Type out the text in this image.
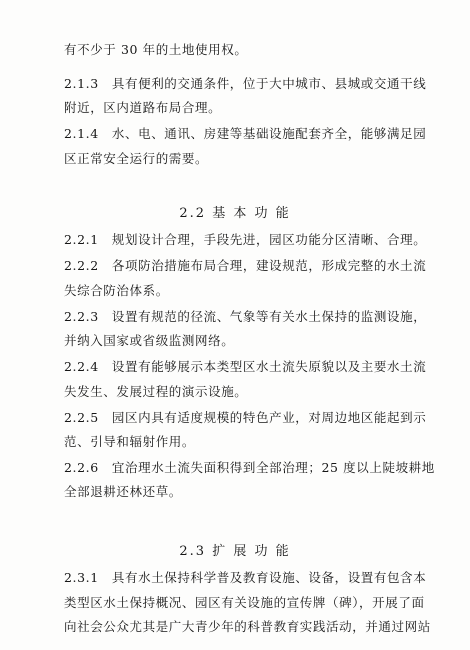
有不少于 30 年的土地使用权。
2.1.3　具有便利的交通条件，位于大中城市、县城或交通干线
附近，区内道路布局合理。
2.1.4　水、电、通讯、房建等基础设施配套齐全，能够满足园
区正常安全运行的需要。
2.2 基 本 功 能
2.2.1　规划设计合理，手段先进，园区功能分区清晰、合理。
2.2.2　各项防治措施布局合理，建设规范，形成完整的水土流
失综合防治体系。
2.2.3　设置有规范的径流、气象等有关水土保持的监测设施，
并纳入国家或省级监测网络。
2.2.4　设置有能够展示本类型区水土流失原貌以及主要水土流
失发生、发展过程的演示设施。
2.2.5　园区内具有适度规模的特色产业，对周边地区能起到示
范、引导和辐射作用。
2.2.6　宜治理水土流失面积得到全部治理；25 度以上陡坡耕地
全部退耕还林还草。
2.3 扩 展 功 能
2.3.1　具有水土保持科学普及教育设施、设备，设置有包含本
类型区水土保持概况、园区有关设施的宣传牌（碑），开展了面
向社会公众尤其是广大青少年的科普教育实践活动，并通过网站
